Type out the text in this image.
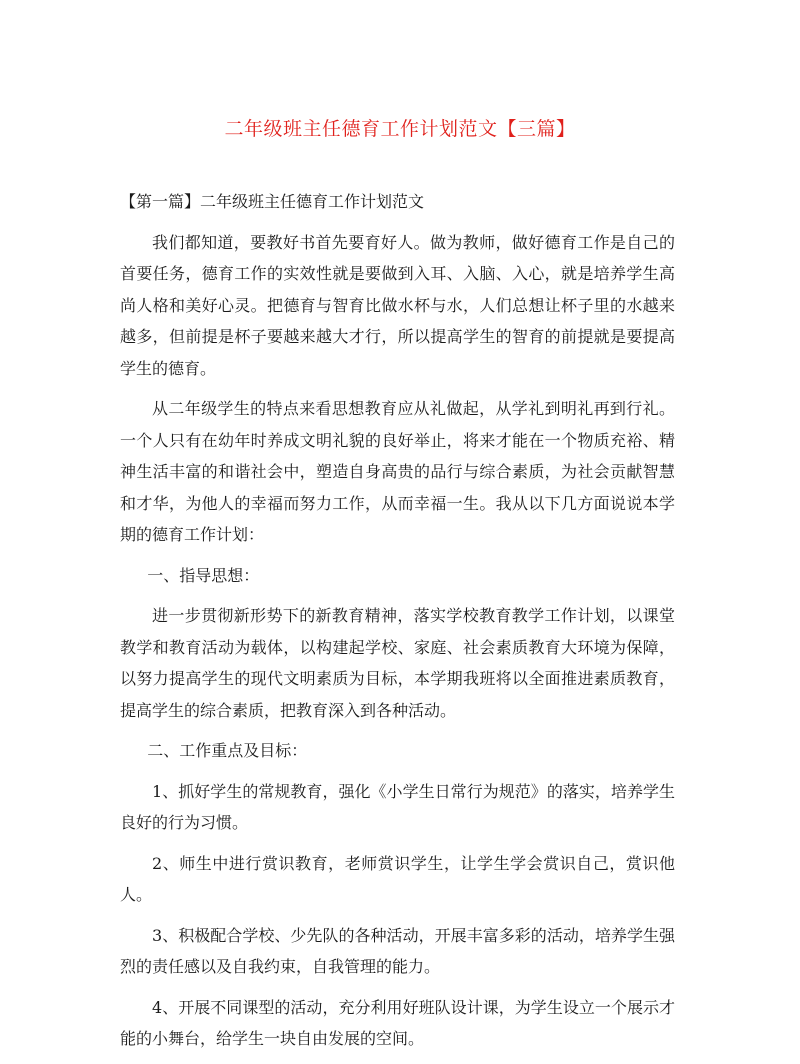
二年级班主任德育工作计划范文【三篇】

【第一篇】二年级班主任德育工作计划范文

我们都知道，要教好书首先要育好人。做为教师，做好德育工作是自己的首要任务，德育工作的实效性就是要做到入耳、入脑、入心，就是培养学生高尚人格和美好心灵。把德育与智育比做水杯与水，人们总想让杯子里的水越来越多，但前提是杯子要越来越大才行，所以提高学生的智育的前提就是要提高学生的德育。

从二年级学生的特点来看思想教育应从礼做起，从学礼到明礼再到行礼。一个人只有在幼年时养成文明礼貌的良好举止，将来才能在一个物质充裕、精神生活丰富的和谐社会中，塑造自身高贵的品行与综合素质，为社会贡献智慧和才华，为他人的幸福而努力工作，从而幸福一生。我从以下几方面说说本学期的德育工作计划：

一、指导思想：

进一步贯彻新形势下的新教育精神，落实学校教育教学工作计划，以课堂教学和教育活动为载体，以构建起学校、家庭、社会素质教育大环境为保障，以努力提高学生的现代文明素质为目标，本学期我班将以全面推进素质教育，提高学生的综合素质，把教育深入到各种活动。

二、工作重点及目标：

1、抓好学生的常规教育，强化《小学生日常行为规范》的落实，培养学生良好的行为习惯。

2、师生中进行赏识教育，老师赏识学生，让学生学会赏识自己，赏识他人。

3、积极配合学校、少先队的各种活动，开展丰富多彩的活动，培养学生强烈的责任感以及自我约束，自我管理的能力。

4、开展不同课型的活动，充分利用好班队设计课，为学生设立一个展示才能的小舞台，给学生一块自由发展的空间。
